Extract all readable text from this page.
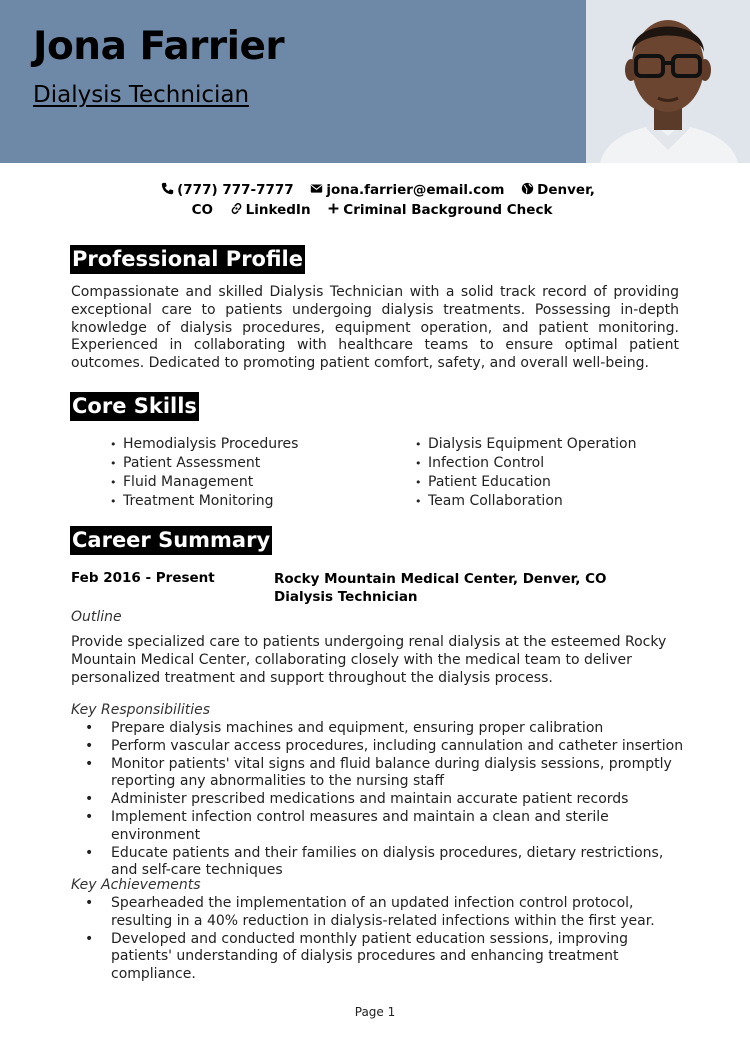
Jona Farrier
Dialysis Technician
(777) 777-7777 jona.farrier@email.com Denver, CO LinkedIn Criminal Background Check
Professional Profile
Compassionate and skilled Dialysis Technician with a solid track record of providing exceptional care to patients undergoing dialysis treatments. Possessing in-depth knowledge of dialysis procedures, equipment operation, and patient monitoring. Experienced in collaborating with healthcare teams to ensure optimal patient outcomes. Dedicated to promoting patient comfort, safety, and overall well-being.
Core Skills
• Hemodialysis Procedures	• Dialysis Equipment Operation
• Patient Assessment	• Infection Control
• Fluid Management	• Patient Education
• Treatment Monitoring	• Team Collaboration
Career Summary
Feb 2016 - Present	Rocky Mountain Medical Center, Denver, CO
Dialysis Technician
Outline
Provide specialized care to patients undergoing renal dialysis at the esteemed Rocky Mountain Medical Center, collaborating closely with the medical team to deliver personalized treatment and support throughout the dialysis process.
Key Responsibilities
• Prepare dialysis machines and equipment, ensuring proper calibration
• Perform vascular access procedures, including cannulation and catheter insertion
• Monitor patients' vital signs and fluid balance during dialysis sessions, promptly reporting any abnormalities to the nursing staff
• Administer prescribed medications and maintain accurate patient records
• Implement infection control measures and maintain a clean and sterile environment
• Educate patients and their families on dialysis procedures, dietary restrictions, and self-care techniques
Key Achievements
• Spearheaded the implementation of an updated infection control protocol, resulting in a 40% reduction in dialysis-related infections within the first year.
• Developed and conducted monthly patient education sessions, improving patients' understanding of dialysis procedures and enhancing treatment compliance.
Page 1
